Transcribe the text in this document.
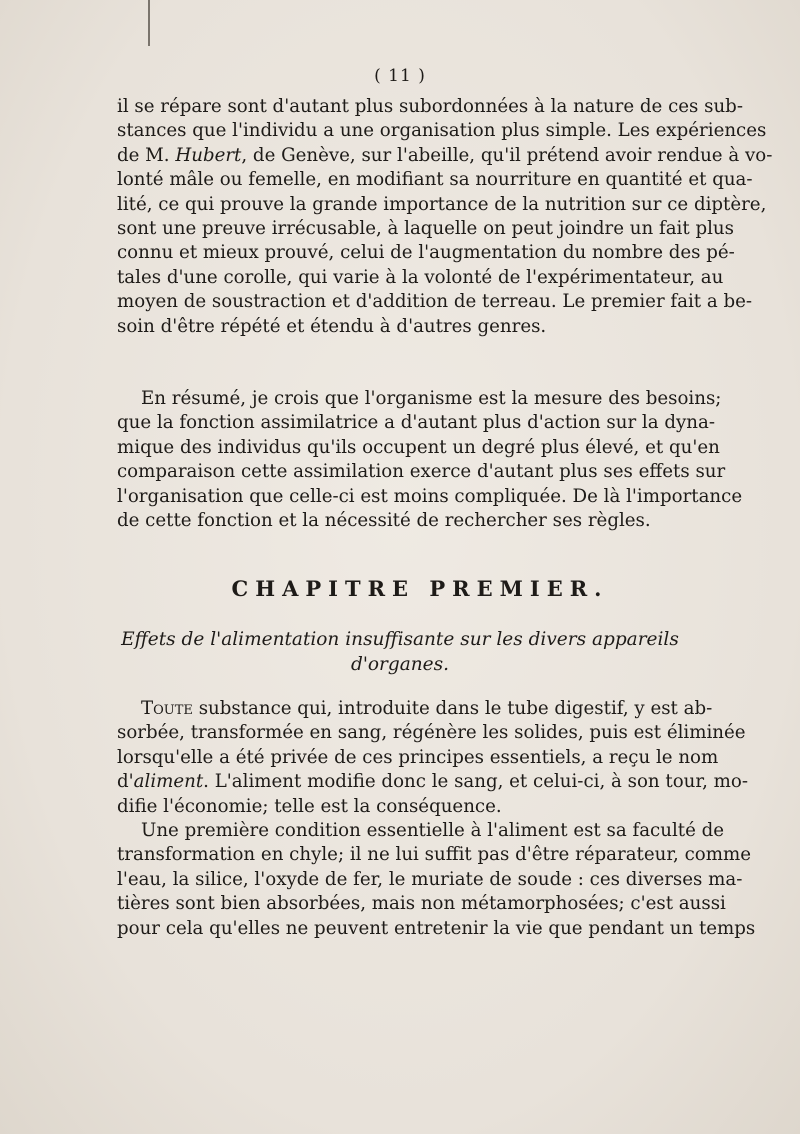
( 11 )
il se répare sont d'autant plus subordonnées à la nature de ces sub-
stances que l'individu a une organisation plus simple. Les expériences
de M. Hubert, de Genève, sur l'abeille, qu'il prétend avoir rendue à vo-
lonté mâle ou femelle, en modifiant sa nourriture en quantité et qua-
lité, ce qui prouve la grande importance de la nutrition sur ce diptère,
sont une preuve irrécusable, à laquelle on peut joindre un fait plus
connu et mieux prouvé, celui de l'augmentation du nombre des pé-
tales d'une corolle, qui varie à la volonté de l'expérimentateur, au
moyen de soustraction et d'addition de terreau. Le premier fait a be-
soin d'être répété et étendu à d'autres genres.
En résumé, je crois que l'organisme est la mesure des besoins;
que la fonction assimilatrice a d'autant plus d'action sur la dyna-
mique des individus qu'ils occupent un degré plus élevé, et qu'en
comparaison cette assimilation exerce d'autant plus ses effets sur
l'organisation que celle-ci est moins compliquée. De là l'importance
de cette fonction et la nécessité de rechercher ses règles.
CHAPITRE PREMIER.
Effets de l'alimentation insuffisante sur les divers appareils
d'organes.
Toute substance qui, introduite dans le tube digestif, y est ab-
sorbée, transformée en sang, régénère les solides, puis est éliminée
lorsqu'elle a été privée de ces principes essentiels, a reçu le nom
d'aliment. L'aliment modifie donc le sang, et celui-ci, à son tour, mo-
difie l'économie; telle est la conséquence.
Une première condition essentielle à l'aliment est sa faculté de
transformation en chyle; il ne lui suffit pas d'être réparateur, comme
l'eau, la silice, l'oxyde de fer, le muriate de soude : ces diverses ma-
tières sont bien absorbées, mais non métamorphosées; c'est aussi
pour cela qu'elles ne peuvent entretenir la vie que pendant un temps
